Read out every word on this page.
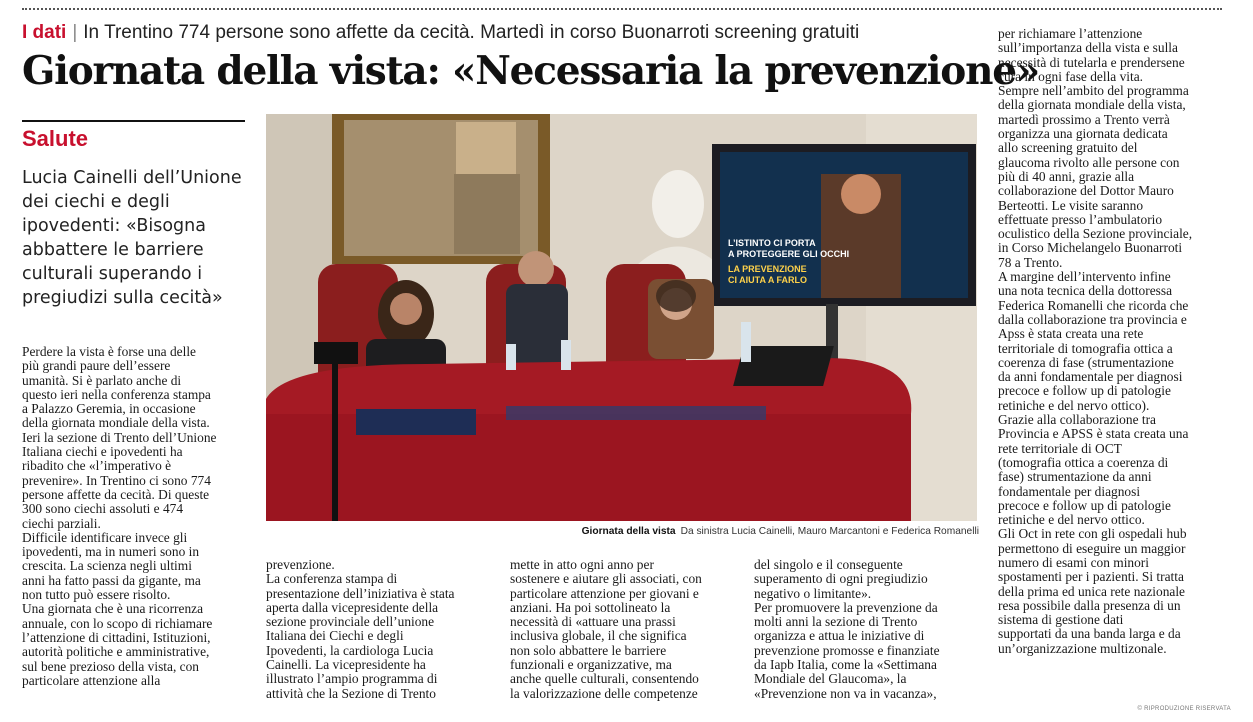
I dati | In Trentino 774 persone sono affette da cecità. Martedì in corso Buonarroti screening gratuiti
Giornata della vista: «Necessaria la prevenzione»
Salute
Lucia Cainelli dell’Unione dei ciechi e degli ipovedenti: «Bisogna abbattere le barriere culturali superando i pregiudizi sulla cecità»
Perdere la vista è forse una delle
più grandi paure dell’essere
umanità. Si è parlato anche di
questo ieri nella conferenza stampa
a Palazzo Geremia, in occasione
della giornata mondiale della vista.
Ieri la sezione di Trento dell’Unione
Italiana ciechi e ipovedenti ha
ribadito che «l’imperativo è
prevenire». In Trentino ci sono 774
persone affette da cecità. Di queste
300 sono ciechi assoluti e 474
ciechi parziali.
Difficile identificare invece gli
ipovedenti, ma in numeri sono in
crescita. La scienza negli ultimi
anni ha fatto passi da gigante, ma
non tutto può essere risolto.
Una giornata che è una ricorrenza
annuale, con lo scopo di richiamare
l’attenzione di cittadini, Istituzioni,
autorità politiche e amministrative,
sul bene prezioso della vista, con
particolare attenzione alla
prevenzione.
La conferenza stampa di
presentazione dell’iniziativa è stata
aperta dalla vicepresidente della
sezione provinciale dell’unione
Italiana dei Ciechi e degli
Ipovedenti, la cardiologa Lucia
Cainelli. La vicepresidente ha
illustrato l’ampio programma di
attività che la Sezione di Trento
mette in atto ogni anno per
sostenere e aiutare gli associati, con
particolare attenzione per giovani e
anziani. Ha poi sottolineato la
necessità di «attuare una prassi
inclusiva globale, il che significa
non solo abbattere le barriere
funzionali e organizzative, ma
anche quelle culturali, consentendo
la valorizzazione delle competenze
del singolo e il conseguente
superamento di ogni pregiudizio
negativo o limitante».
Per promuovere la prevenzione da
molti anni la sezione di Trento
organizza e attua le iniziative di
prevenzione promosse e finanziate
da Iapb Italia, come la «Settimana
Mondiale del Glaucoma», la
«Prevenzione non va in vacanza»,
per richiamare l’attenzione
sull’importanza della vista e sulla
necessità di tutelarla e prendersene
cura in ogni fase della vita.
Sempre nell’ambito del programma
della giornata mondiale della vista,
martedì prossimo a Trento verrà
organizza una giornata dedicata
allo screening gratuito del
glaucoma rivolto alle persone con
più di 40 anni, grazie alla
collaborazione del Dottor Mauro
Berteotti. Le visite saranno
effettuate presso l’ambulatorio
oculistico della Sezione provinciale,
in Corso Michelangelo Buonarroti
78 a Trento.
A margine dell’intervento infine
una nota tecnica della dottoressa
Federica Romanelli che ricorda che
dalla collaborazione tra provincia e
Apss è stata creata una rete
territoriale di tomografia ottica a
coerenza di fase (strumentazione
da anni fondamentale per diagnosi
precoce e follow up di patologie
retiniche e del nervo ottico).
Grazie alla collaborazione tra
Provincia e APSS è stata creata una
rete territoriale di OCT
(tomografia ottica a coerenza di
fase) strumentazione da anni
fondamentale per diagnosi
precoce e follow up di patologie
retiniche e del nervo ottico.
Gli Oct in rete con gli ospedali hub
permettono di eseguire un maggior
numero di esami con minori
spostamenti per i pazienti. Si tratta
della prima ed unica rete nazionale
resa possibile dalla presenza di un
sistema di gestione dati
supportati da una banda larga e da
un’organizzazione multizonale.
L’ISTINTO CI PORTA
A PROTEGGERE GLI OCCHI
LA PREVENZIONE
CI AIUTA A FARLO
Giornata della vista Da sinistra Lucia Cainelli, Mauro Marcantoni e Federica Romanelli
© RIPRODUZIONE RISERVATA
